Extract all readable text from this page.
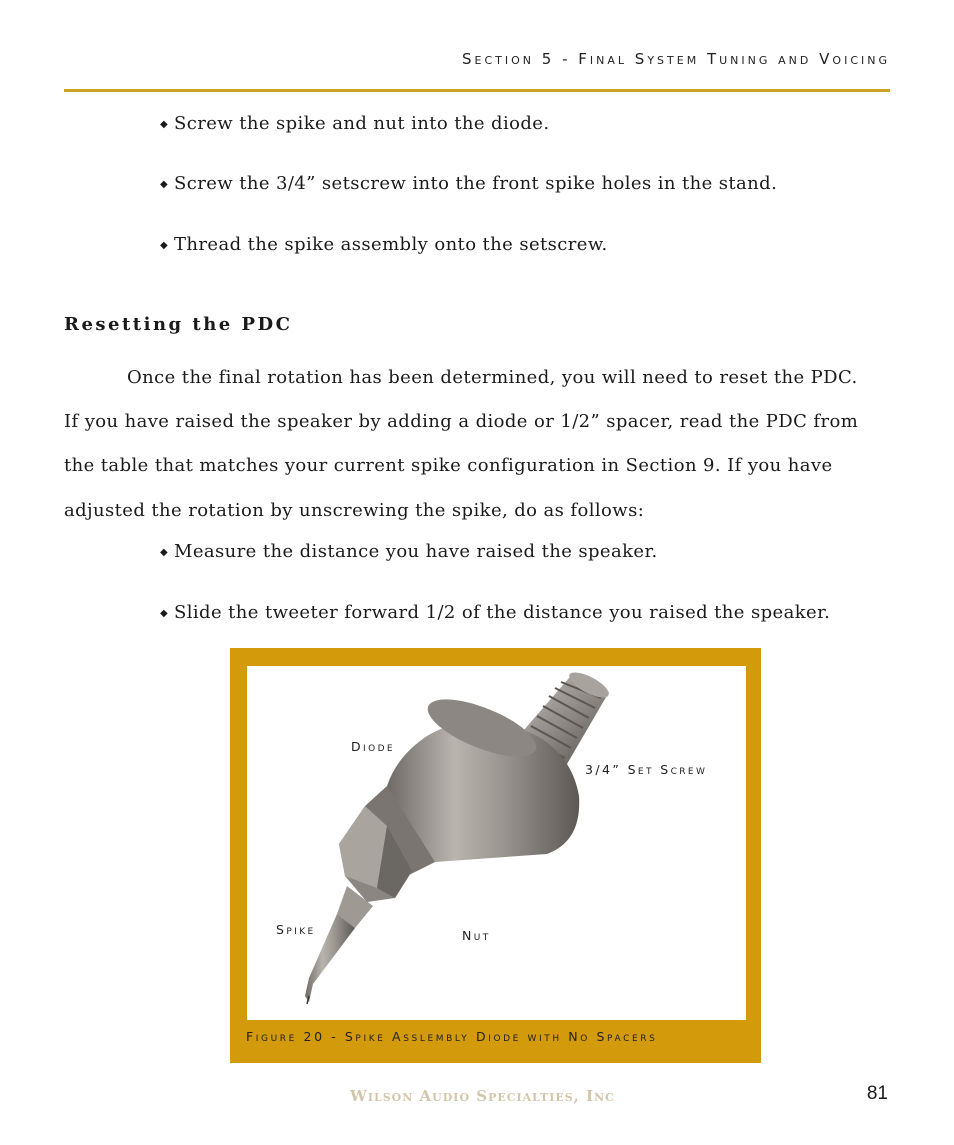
Section 5 - Final System Tuning and Voicing
◆ Screw the spike and nut into the diode.
◆ Screw the 3/4” setscrew into the front spike holes in the stand.
◆ Thread the spike assembly onto the setscrew.
Resetting the PDC
Once the final rotation has been determined, you will need to reset the PDC.
If you have raised the speaker by adding a diode or 1/2” spacer, read the PDC from
the table that matches your current spike configuration in Section 9. If you have
adjusted the rotation by unscrewing the spike, do as follows:
◆ Measure the distance you have raised the speaker.
◆ Slide the tweeter forward 1/2 of the distance you raised the speaker.
Diode
3/4” Set Screw
Spike	Nut
Figure 20 - Spike Asslembly Diode with No Spacers
Wilson Audio Specialties, Inc	81
